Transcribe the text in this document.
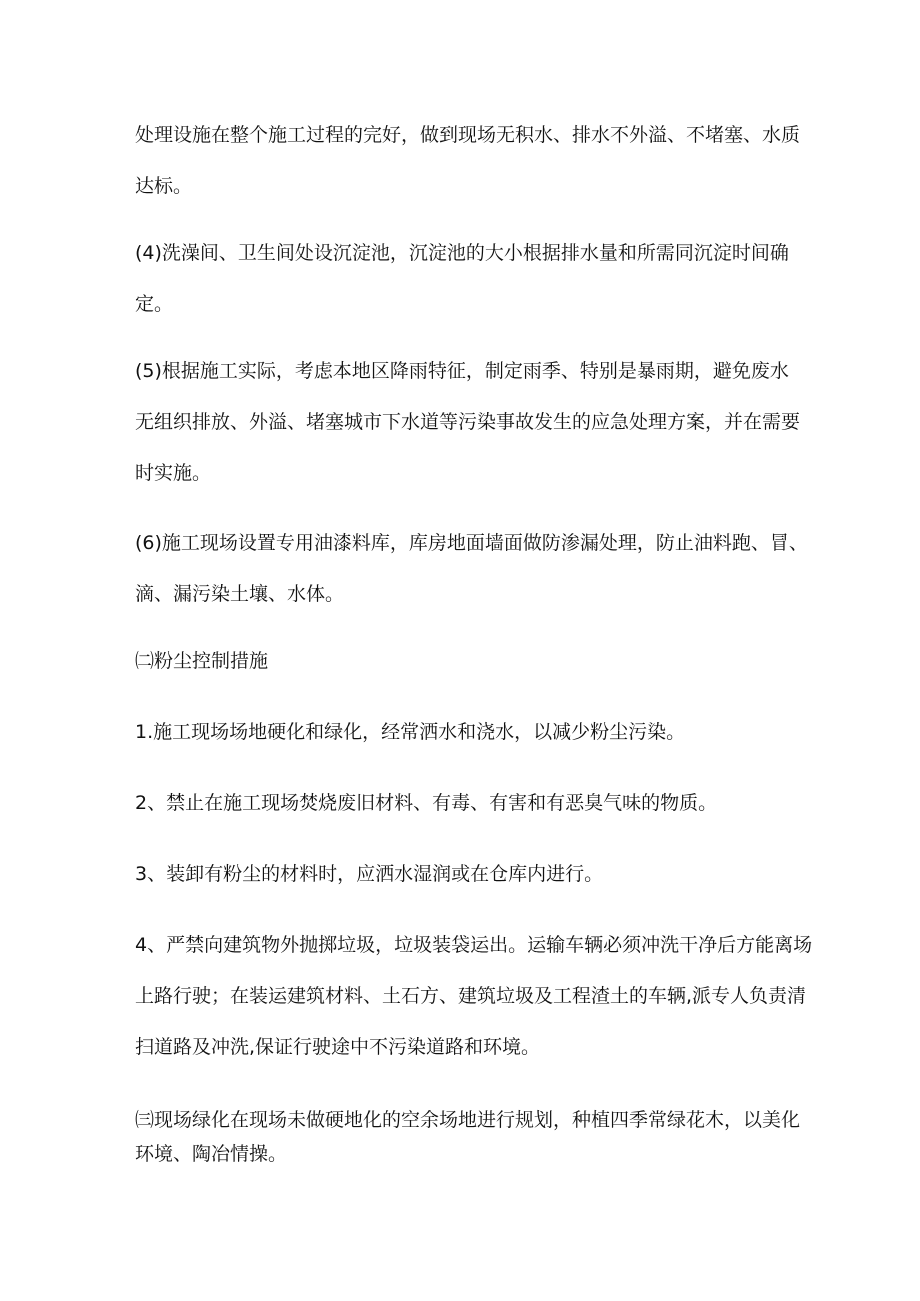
处理设施在整个施工过程的完好，做到现场无积水、排水不外溢、不堵塞、水质
达标。

(4)洗澡间、卫生间处设沉淀池，沉淀池的大小根据排水量和所需同沉淀时间确
定。

(5)根据施工实际，考虑本地区降雨特征，制定雨季、特别是暴雨期，避免废水
无组织排放、外溢、堵塞城市下水道等污染事故发生的应急处理方案，并在需要
时实施。

(6)施工现场设置专用油漆料库，库房地面墙面做防渗漏处理，防止油料跑、冒、
滴、漏污染土壤、水体。

㈡粉尘控制措施

1.施工现场场地硬化和绿化，经常洒水和浇水，以减少粉尘污染。

2、禁止在施工现场焚烧废旧材料、有毒、有害和有恶臭气味的物质。

3、装卸有粉尘的材料时，应洒水湿润或在仓库内进行。

4、严禁向建筑物外抛掷垃圾，垃圾装袋运出。运输车辆必须冲洗干净后方能离场
上路行驶；在装运建筑材料、土石方、建筑垃圾及工程渣土的车辆,派专人负责清
扫道路及冲洗,保证行驶途中不污染道路和环境。

㈢现场绿化在现场未做硬地化的空余场地进行规划，种植四季常绿花木，以美化
环境、陶冶情操。
